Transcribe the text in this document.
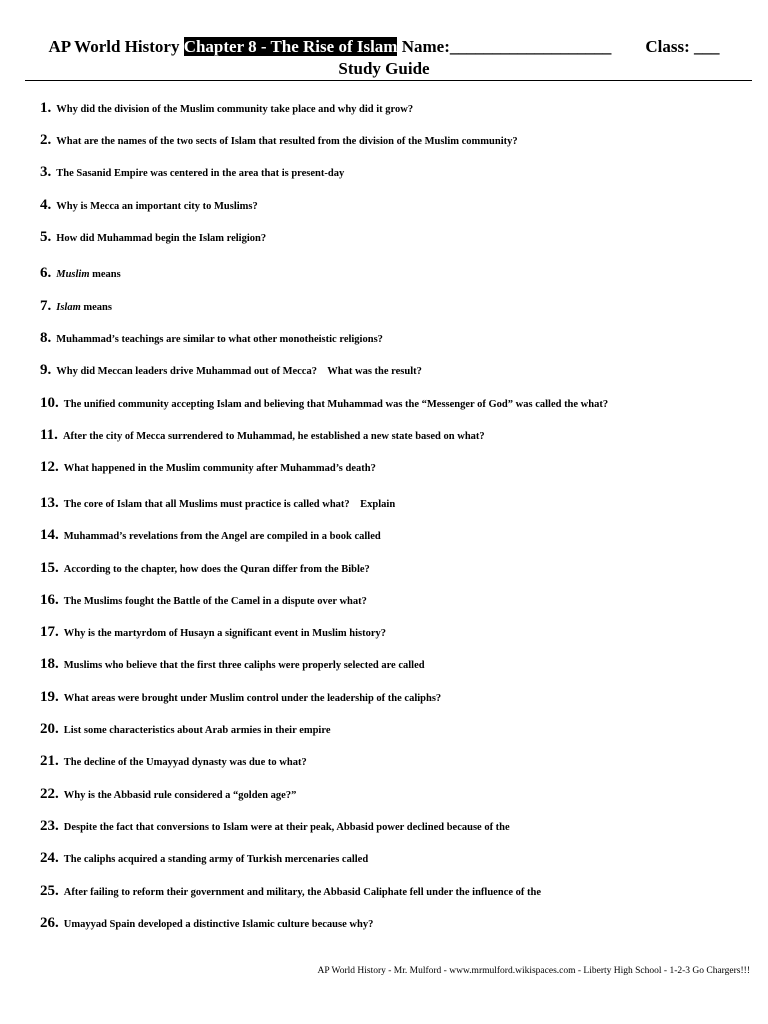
AP World History Chapter 8 - The Rise of Islam Name:___________________ Class: ___
Study Guide
1. Why did the division of the Muslim community take place and why did it grow?
2. What are the names of the two sects of Islam that resulted from the division of the Muslim community?
3. The Sasanid Empire was centered in the area that is present-day
4. Why is Mecca an important city to Muslims?
5. How did Muhammad begin the Islam religion?
6. Muslim means
7. Islam means
8. Muhammad’s teachings are similar to what other monotheistic religions?
9. Why did Meccan leaders drive Muhammad out of Mecca?    What was the result?
10. The unified community accepting Islam and believing that Muhammad was the “Messenger of God” was called the what?
11. After the city of Mecca surrendered to Muhammad, he established a new state based on what?
12. What happened in the Muslim community after Muhammad’s death?
13. The core of Islam that all Muslims must practice is called what?    Explain
14. Muhammad’s revelations from the Angel are compiled in a book called
15. According to the chapter, how does the Quran differ from the Bible?
16. The Muslims fought the Battle of the Camel in a dispute over what?
17. Why is the martyrdom of Husayn a significant event in Muslim history?
18. Muslims who believe that the first three caliphs were properly selected are called
19. What areas were brought under Muslim control under the leadership of the caliphs?
20. List some characteristics about Arab armies in their empire
21. The decline of the Umayyad dynasty was due to what?
22. Why is the Abbasid rule considered a “golden age?”
23. Despite the fact that conversions to Islam were at their peak, Abbasid power declined because of the
24. The caliphs acquired a standing army of Turkish mercenaries called
25. After failing to reform their government and military, the Abbasid Caliphate fell under the influence of the
26. Umayyad Spain developed a distinctive Islamic culture because why?
AP World History - Mr. Mulford - www.mrmulford.wikispaces.com - Liberty High School - 1-2-3 Go Chargers!!!
